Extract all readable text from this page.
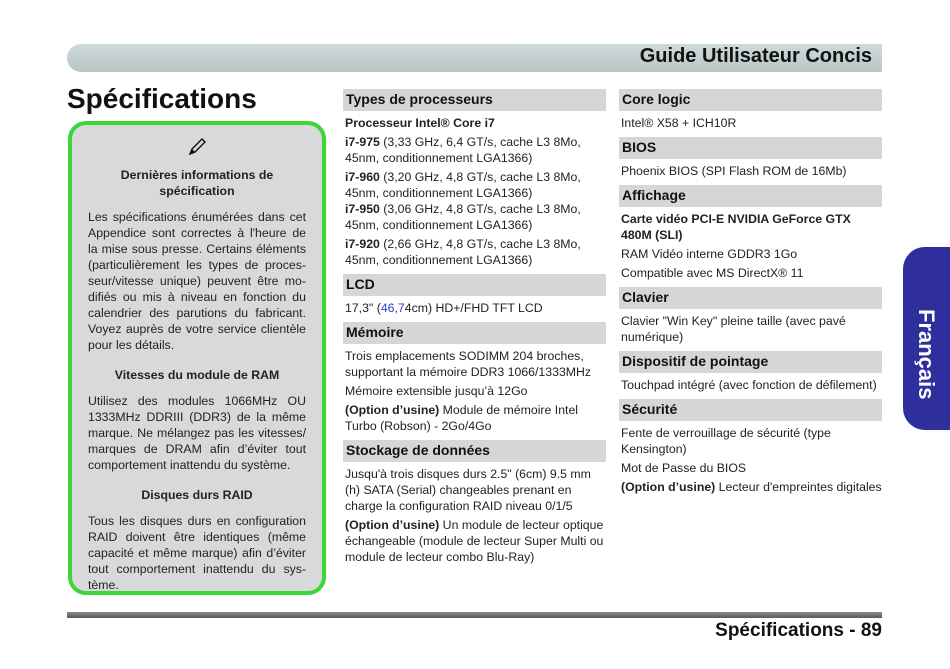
Guide Utilisateur Concis
Spécifications

Dernières informations de spécification

Les spécifications énumérées dans cet Appendice sont correctes à l'heure de la mise sous presse. Certains éléments (particulièrement les types de proces-seur/vitesse unique) peuvent être mo-difiés ou mis à niveau en fonction du calendrier des parutions du fabricant. Voyez auprès de votre service clientèle pour les détails.

Vitesses du module de RAM

Utilisez des modules 1066MHz OU 1333MHz DDRIII (DDR3) de la même marque. Ne mélangez pas les vitesses/ marques de DRAM afin d’éviter tout comportement inattendu du système.

Disques durs RAID

Tous les disques durs en configuration RAID doivent être identiques (même capacité et même marque) afin d’éviter tout comportement inattendu du sys-tème.

Types de processeurs

Processeur Intel® Core i7

i7-975 (3,33 GHz, 6,4 GT/s, cache L3 8Mo, 45nm, conditionnement LGA1366)

i7-960 (3,20 GHz, 4,8 GT/s, cache L3 8Mo, 45nm, conditionnement LGA1366)

i7-950 (3,06 GHz, 4,8 GT/s, cache L3 8Mo, 45nm, conditionnement LGA1366)

i7-920 (2,66 GHz, 4,8 GT/s, cache L3 8Mo, 45nm, conditionnement LGA1366)

LCD

17,3" (46,74cm) HD+/FHD TFT LCD

Mémoire

Trois emplacements SODIMM 204 broches, supportant la mémoire DDR3 1066/1333MHz

Mémoire extensible jusqu’à 12Go

(Option d’usine) Module de mémoire Intel Turbo (Robson) - 2Go/4Go

Stockage de données

Jusqu'à trois disques durs 2.5" (6cm) 9.5 mm (h) SATA (Serial) changeables prenant en charge la configuration RAID niveau 0/1/5

(Option d’usine) Un module de lecteur optique échangeable (module de lecteur Super Multi ou module de lecteur combo Blu-Ray)

Core logic

Intel® X58 + ICH10R

BIOS

Phoenix BIOS (SPI Flash ROM de 16Mb)

Affichage

Carte vidéo PCI-E NVIDIA GeForce GTX 480M (SLI)

RAM Vidéo interne GDDR3 1Go

Compatible avec MS DirectX® 11

Clavier

Clavier "Win Key" pleine taille (avec pavé numérique)

Dispositif de pointage

Touchpad intégré (avec fonction de défilement)

Sécurité

Fente de verrouillage de sécurité (type Kensington)

Mot de Passe du BIOS

(Option d’usine) Lecteur d'empreintes digitales

Français
Spécifications - 89
